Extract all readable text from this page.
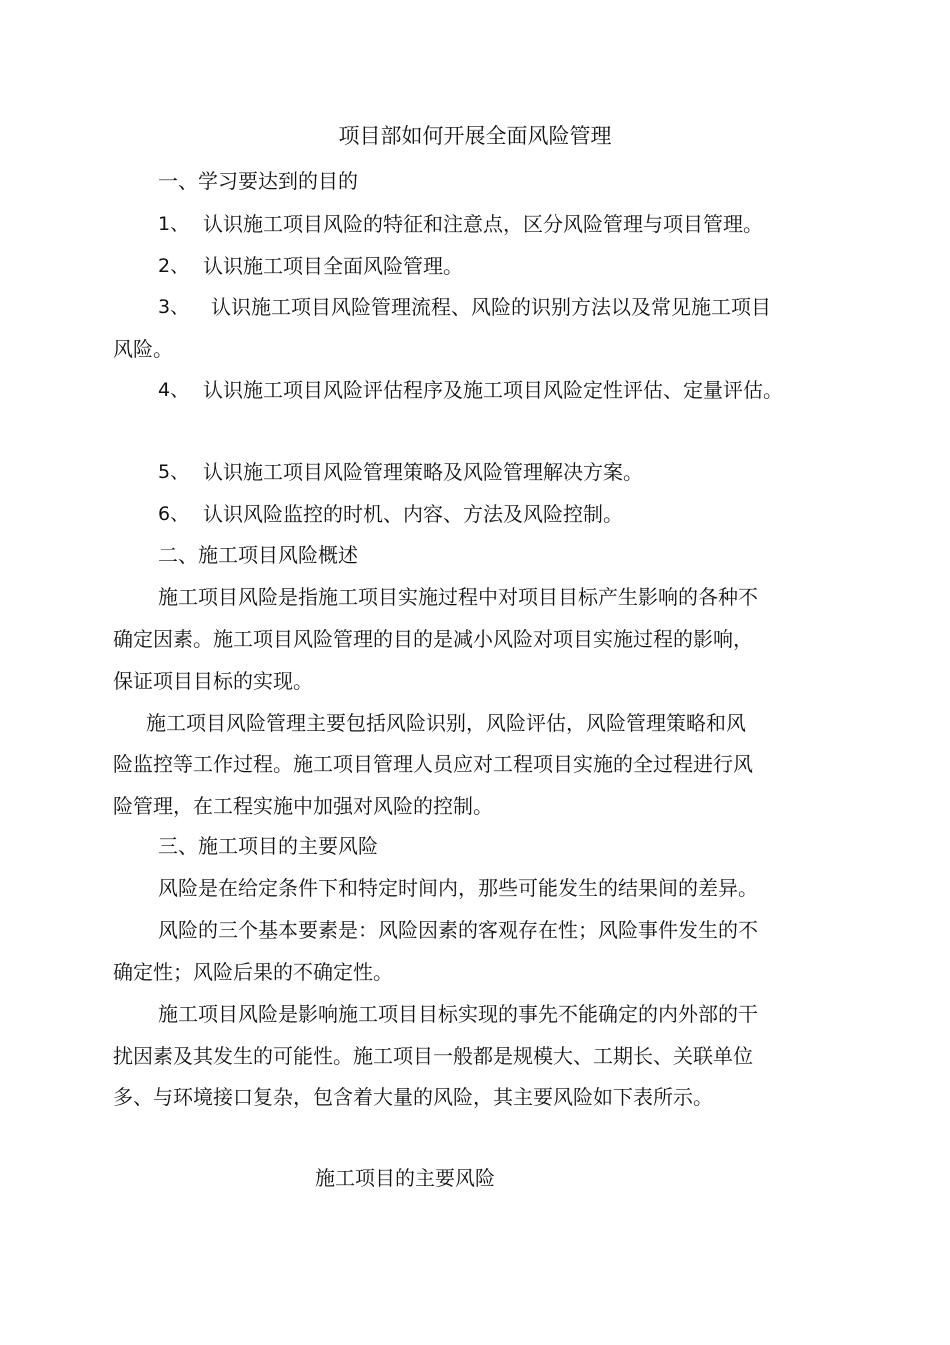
项目部如何开展全面风险管理
一、学习要达到的目的
1、 认识施工项目风险的特征和注意点，区分风险管理与项目管理。
2、 认识施工项目全面风险管理。
3、 认识施工项目风险管理流程、风险的识别方法以及常见施工项目
风险。
4、 认识施工项目风险评估程序及施工项目风险定性评估、定量评估。
5、 认识施工项目风险管理策略及风险管理解决方案。
6、 认识风险监控的时机、内容、方法及风险控制。
二、施工项目风险概述
施工项目风险是指施工项目实施过程中对项目目标产生影响的各种不
确定因素。施工项目风险管理的目的是减小风险对项目实施过程的影响，
保证项目目标的实现。
施工项目风险管理主要包括风险识别，风险评估，风险管理策略和风
险监控等工作过程。施工项目管理人员应对工程项目实施的全过程进行风
险管理，在工程实施中加强对风险的控制。
三、施工项目的主要风险
风险是在给定条件下和特定时间内，那些可能发生的结果间的差异。
风险的三个基本要素是：风险因素的客观存在性；风险事件发生的不
确定性；风险后果的不确定性。
施工项目风险是影响施工项目目标实现的事先不能确定的内外部的干
扰因素及其发生的可能性。施工项目一般都是规模大、工期长、关联单位
多、与环境接口复杂，包含着大量的风险，其主要风险如下表所示。
施工项目的主要风险
